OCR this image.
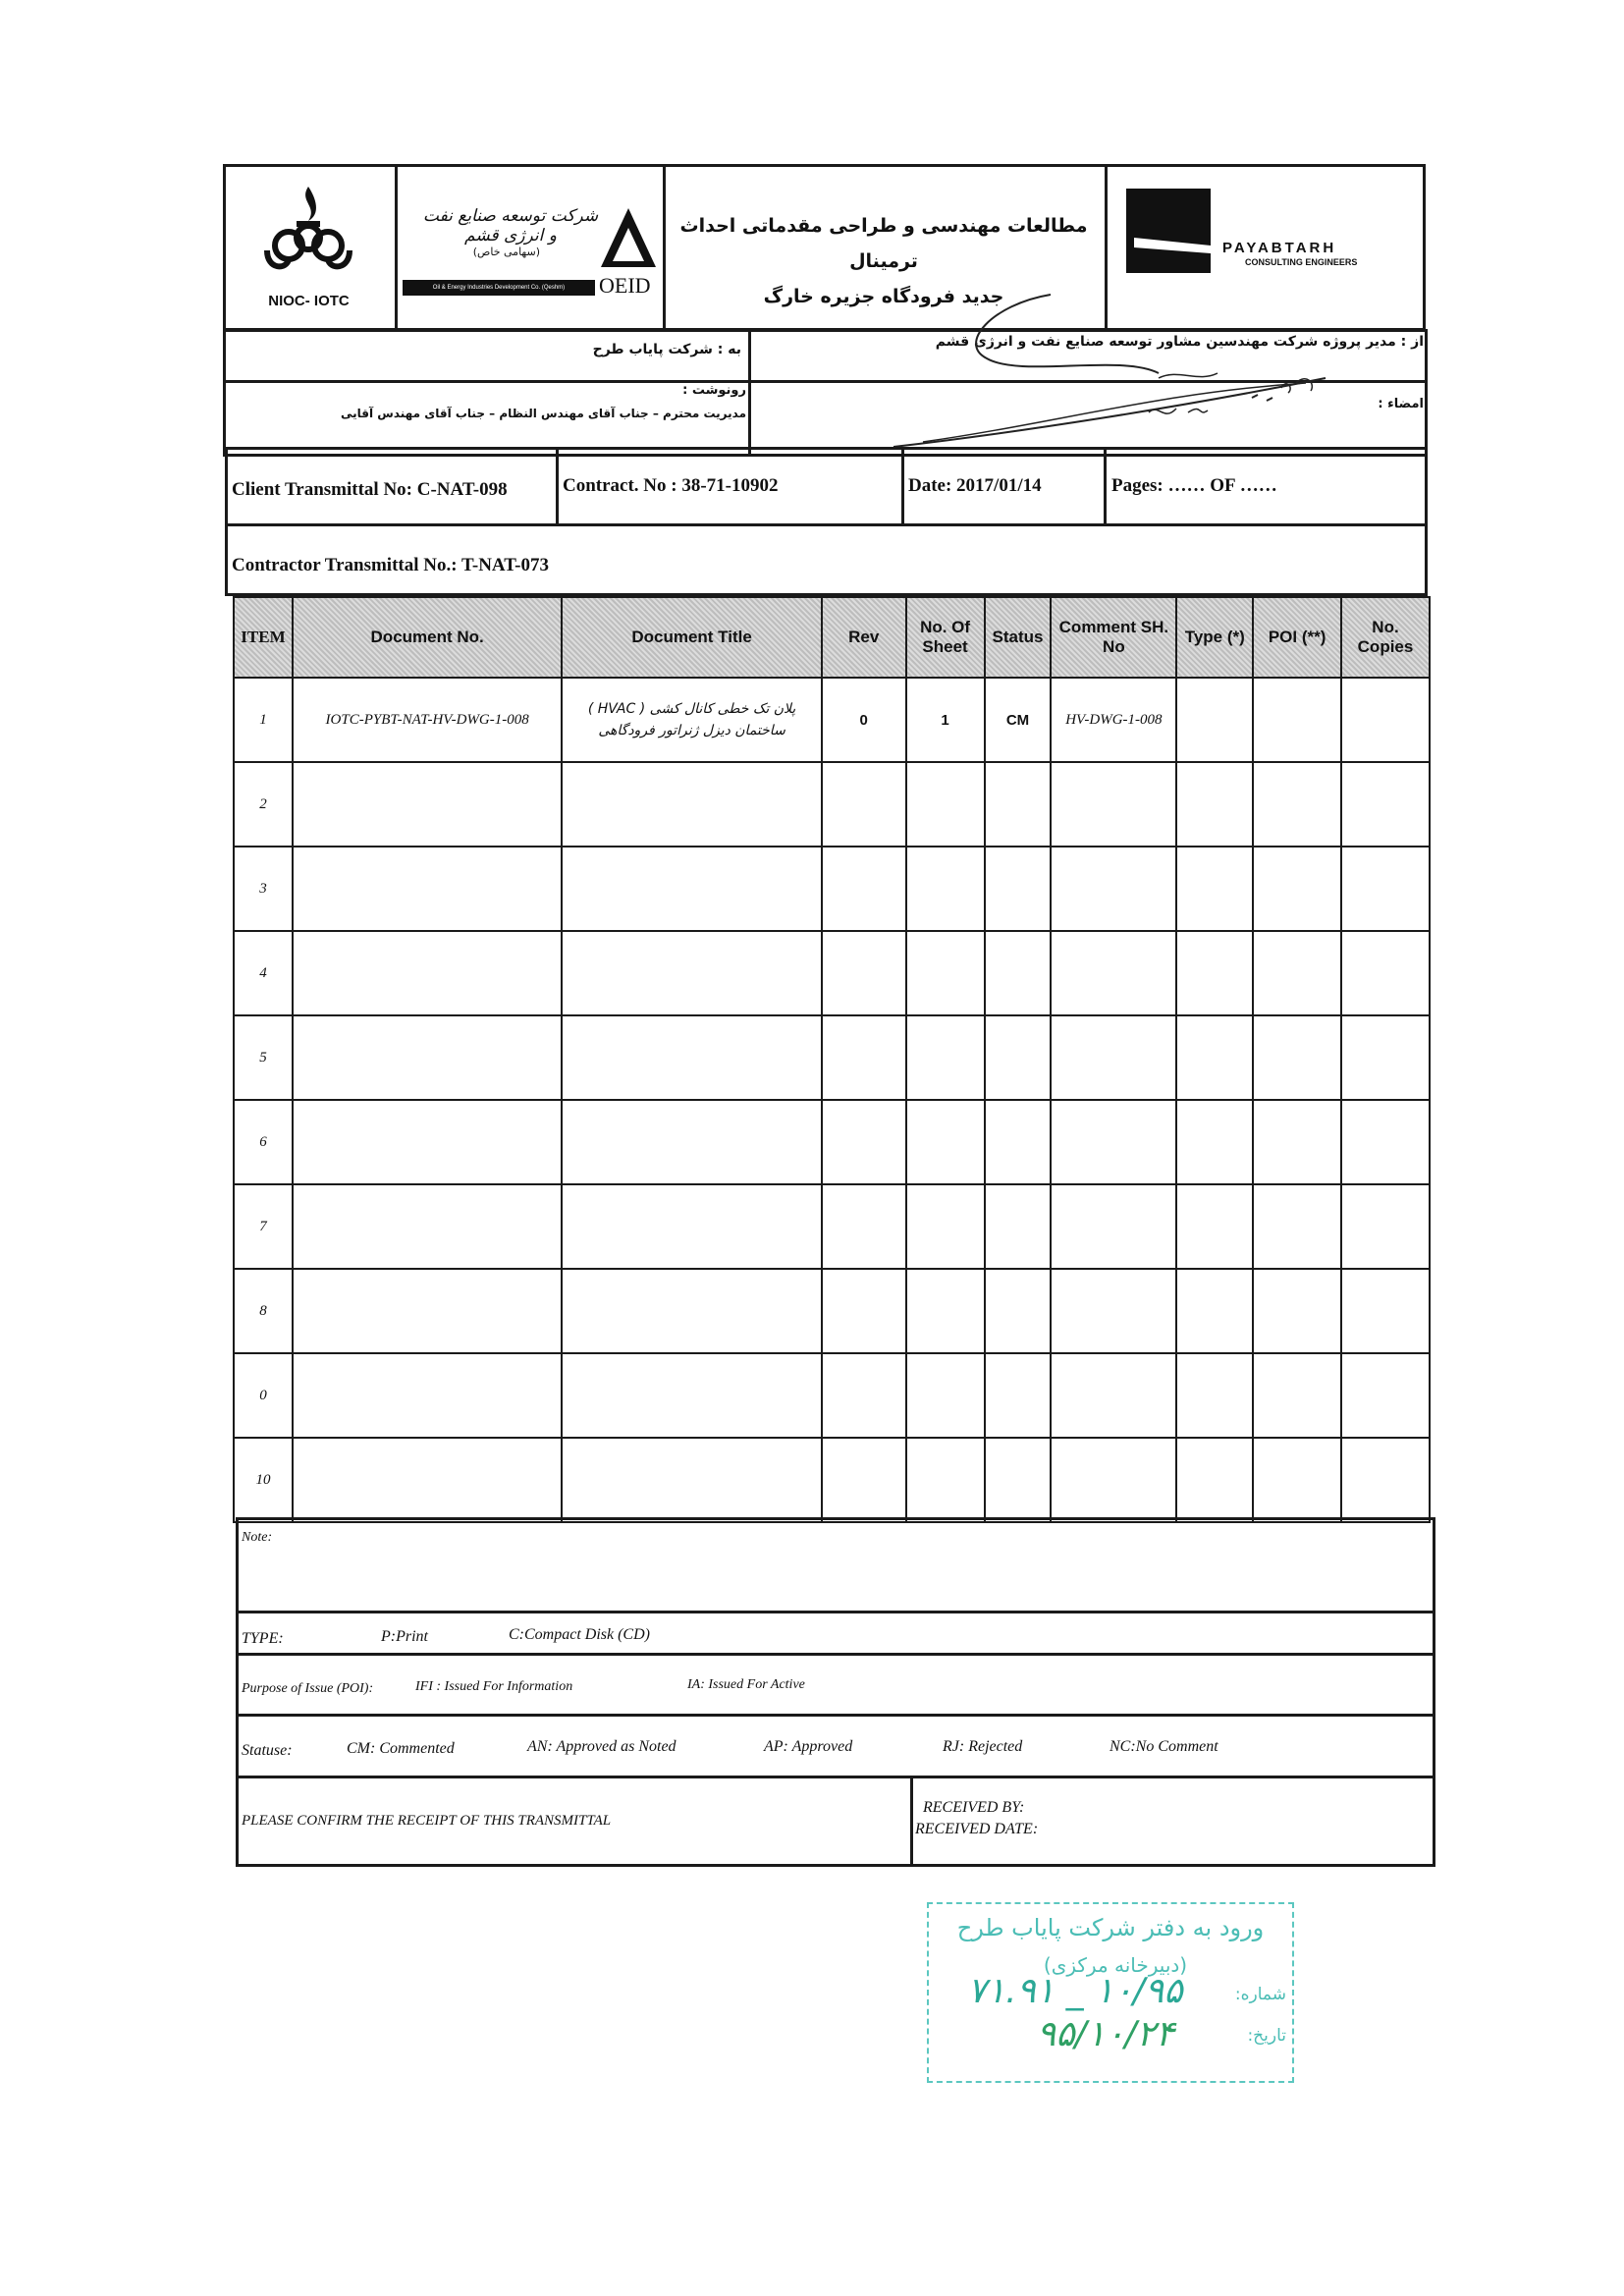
NIOC- IOTC
شرکت توسعه صنایع نفت و انرژی قشم
(سهامی خاص)
Oil & Energy Industries Development Co. (Qeshm)	OEID
مطالعات مهندسی و طراحی مقدماتی احداث ترمینال
جدید فرودگاه جزیره خارگ
PAYABTARH
CONSULTING ENGINEERS
به : شرکت پایاب طرح	از : مدیر پروژه شرکت مهندسین مشاور توسعه صنایع نفت و انرژی قشم
رونوشت :
مدیریت محترم – جناب آقای مهندس النظام – جناب آقای مهندس آقایی
امضاء :
Client Transmittal No: C-NAT-098	Contract. No : 38-71-10902	Date: 2017/01/14	Pages: …… OF ……
Contractor Transmittal No.: T-NAT-073
ITEM	Document No.	Document Title	Rev	No. Of Sheet	Status	Comment SH. No	Type (*)	POI (**)	No. Copies
1	IOTC-PYBT-NAT-HV-DWG-1-008	پلان تک خطی کانال کشی ( HVAC )
ساختمان دیزل ژنراتور فرودگاهی	0	1	CM	HV-DWG-1-008			
2									
3									
4									
5									
6									
7									
8									
0									
10									
Note:
TYPE:	P:Print	C:Compact Disk (CD)
Purpose of Issue (POI):	IFI : Issued For Information	IA: Issued For Active
Statuse:	CM: Commented	AN: Approved as Noted	AP: Approved	RJ: Rejected	NC:No Comment
PLEASE CONFIRM THE RECEIPT OF THIS TRANSMITTAL
RECEIVED BY:
RECEIVED DATE:
ورود به دفتر شرکت پایاب طرح
(دبیرخانه مرکزی)
شماره:
تاریخ:
۱۰/۹۵ _ ۷۱.۹۱
۹۵/۱۰/۲۴
